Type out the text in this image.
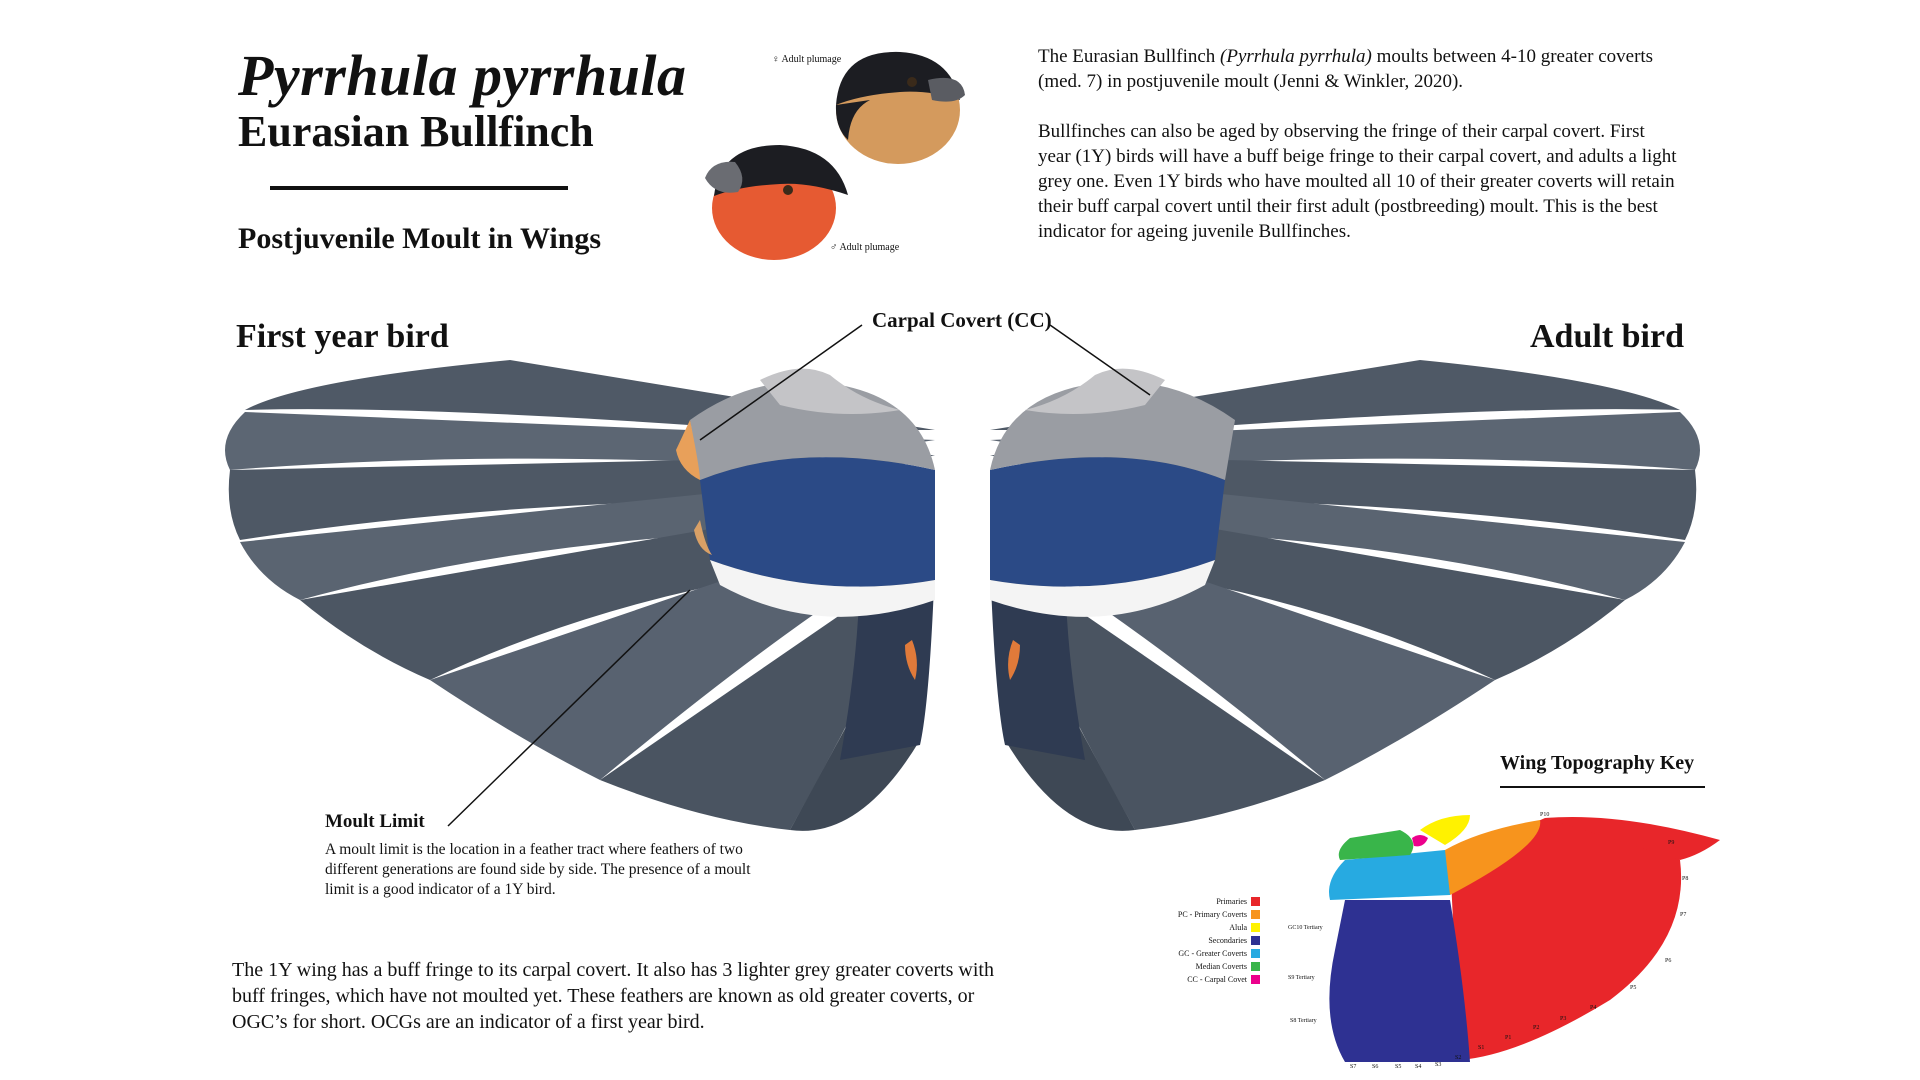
Pyrrhula pyrrhula
Eurasian Bullfinch
Postjuvenile Moult in Wings
♀ Adult plumage
♂ Adult plumage

The Eurasian Bullfinch (Pyrrhula pyrrhula) moults between 4-10 greater coverts (med. 7) in postjuvenile moult (Jenni & Winkler, 2020).

Bullfinches can also be aged by observing the fringe of their carpal covert. First year (1Y) birds will have a buff beige fringe to their carpal covert, and adults a light grey one. Even 1Y birds who have moulted all 10 of their greater coverts will retain their buff carpal covert until their first adult (postbreeding) moult. This is the best indicator for ageing juvenile Bullfinches.

First year bird	Adult bird
Carpal Covert (CC)
Moult Limit
A moult limit is the location in a feather tract where feathers of two different generations are found side by side. The presence of a moult limit is a good indicator of a 1Y bird.
The 1Y wing has a buff fringe to its carpal covert. It also has 3 lighter grey greater coverts with buff fringes, which have not moulted yet. These feathers are known as old greater coverts, or OGC’s for short. OCGs are an indicator of a first year bird.
Wing Topography Key
Primaries
PC - Primary Coverts
Alula
Secondaries
GC - Greater Coverts
Median Coverts
CC - Carpal Covet
P10
P9
P8
P7
P6
P5
P4
P3
P2
P1
S1
S2
S3
S4
S5
S6
S7
S8 Tertiary
S9 Tertiary
GC10 Tertiary
